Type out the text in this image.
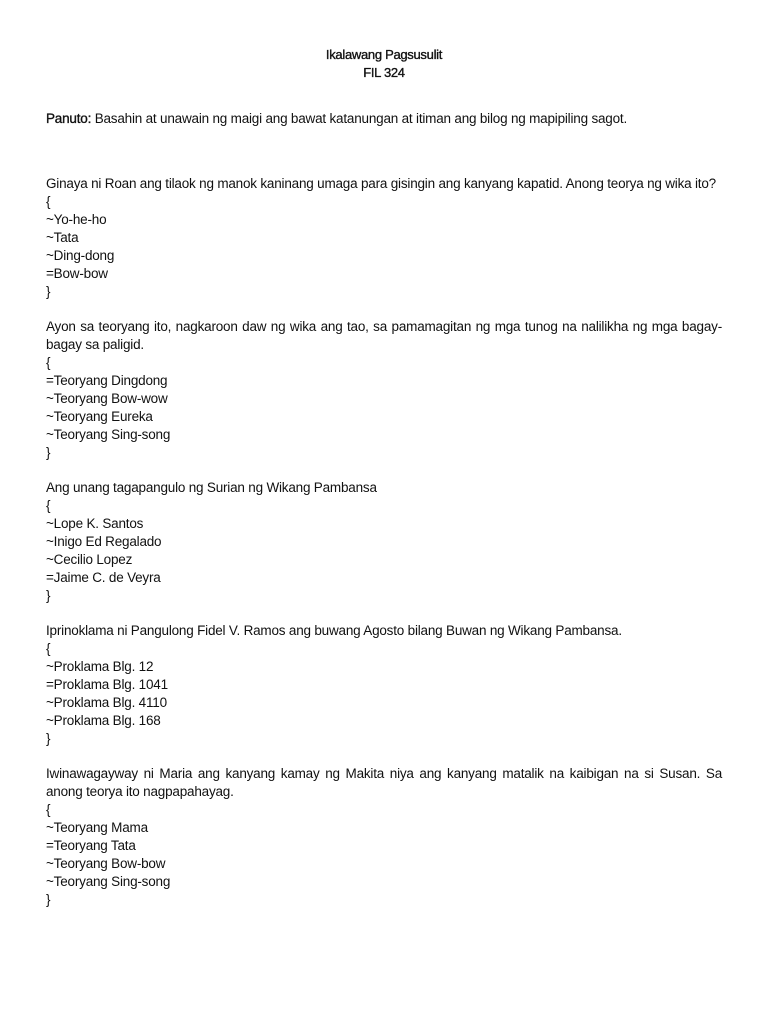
Ikalawang Pagsusulit
FIL 324
Panuto: Basahin at unawain ng maigi ang bawat katanungan at itiman ang bilog ng mapipiling sagot.

Ginaya ni Roan ang tilaok ng manok kaninang umaga para gisingin ang kanyang kapatid. Anong teorya ng wika ito?

{
~Yo-he-ho
~Tata
~Ding-dong
=Bow-bow
}

Ayon sa teoryang ito, nagkaroon daw ng wika ang tao, sa pamamagitan ng mga tunog na nalilikha ng mga bagay-bagay sa paligid.

{
=Teoryang Dingdong
~Teoryang Bow-wow
~Teoryang Eureka
~Teoryang Sing-song
}

Ang unang tagapangulo ng Surian ng Wikang Pambansa

{
~Lope K. Santos
~Inigo Ed Regalado
~Cecilio Lopez
=Jaime C. de Veyra
}

Iprinoklama ni Pangulong Fidel V. Ramos ang buwang Agosto bilang Buwan ng Wikang Pambansa.

{
~Proklama Blg. 12
=Proklama Blg. 1041
~Proklama Blg. 4110
~Proklama Blg. 168
}

Iwinawagayway ni Maria ang kanyang kamay ng Makita niya ang kanyang matalik na kaibigan na si Susan. Sa anong teorya ito nagpapahayag.

{
~Teoryang Mama
=Teoryang Tata
~Teoryang Bow-bow
~Teoryang Sing-song
}
